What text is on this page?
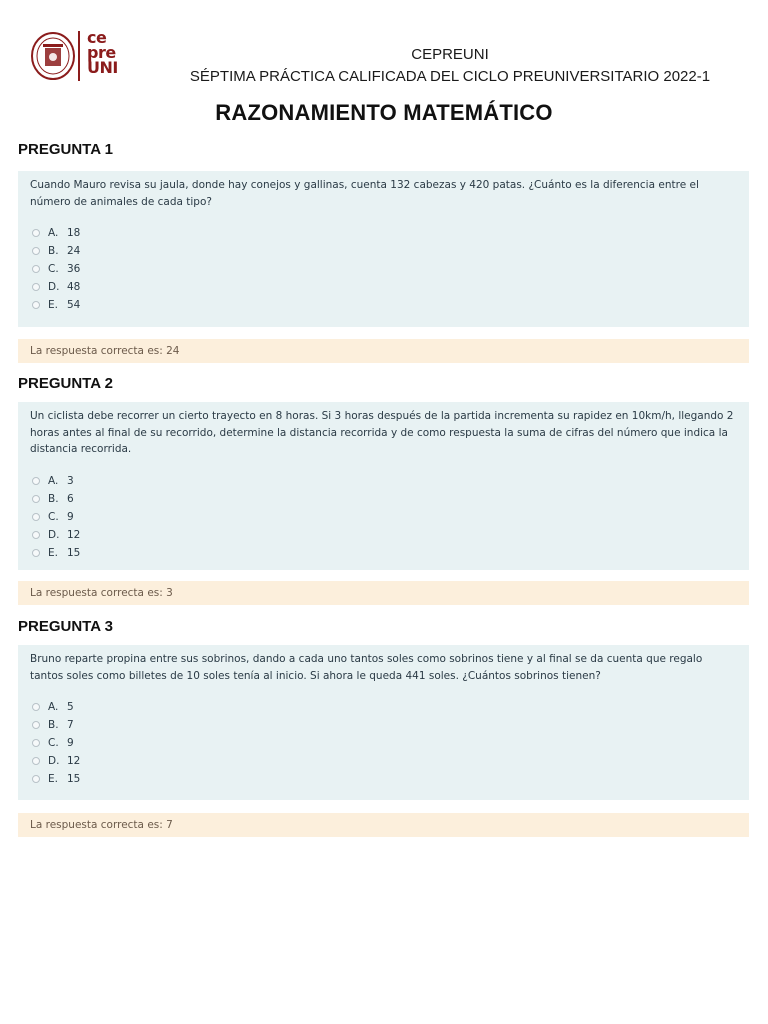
ce
pre
UNI
CEPREUNI
SÉPTIMA PRÁCTICA CALIFICADA DEL CICLO PREUNIVERSITARIO 2022-1
RAZONAMIENTO MATEMÁTICO
PREGUNTA 1
Cuando Mauro revisa su jaula, donde hay conejos y gallinas, cuenta 132 cabezas y 420 patas. ¿Cuánto es la diferencia entre el número de animales de cada tipo?
A. 18
B. 24
C. 36
D. 48
E. 54
La respuesta correcta es: 24
PREGUNTA 2
Un ciclista debe recorrer un cierto trayecto en 8 horas. Si 3 horas después de la partida incrementa su rapidez en 10km/h, llegando 2 horas antes al final de su recorrido, determine la distancia recorrida y de como respuesta la suma de cifras del número que indica la distancia recorrida.
A. 3
B. 6
C. 9
D. 12
E. 15
La respuesta correcta es: 3
PREGUNTA 3
Bruno reparte propina entre sus sobrinos, dando a cada uno tantos soles como sobrinos tiene y al final se da cuenta que regalo tantos soles como billetes de 10 soles tenía al inicio. Si ahora le queda 441 soles. ¿Cuántos sobrinos tienen?
A. 5
B. 7
C. 9
D. 12
E. 15
La respuesta correcta es: 7
